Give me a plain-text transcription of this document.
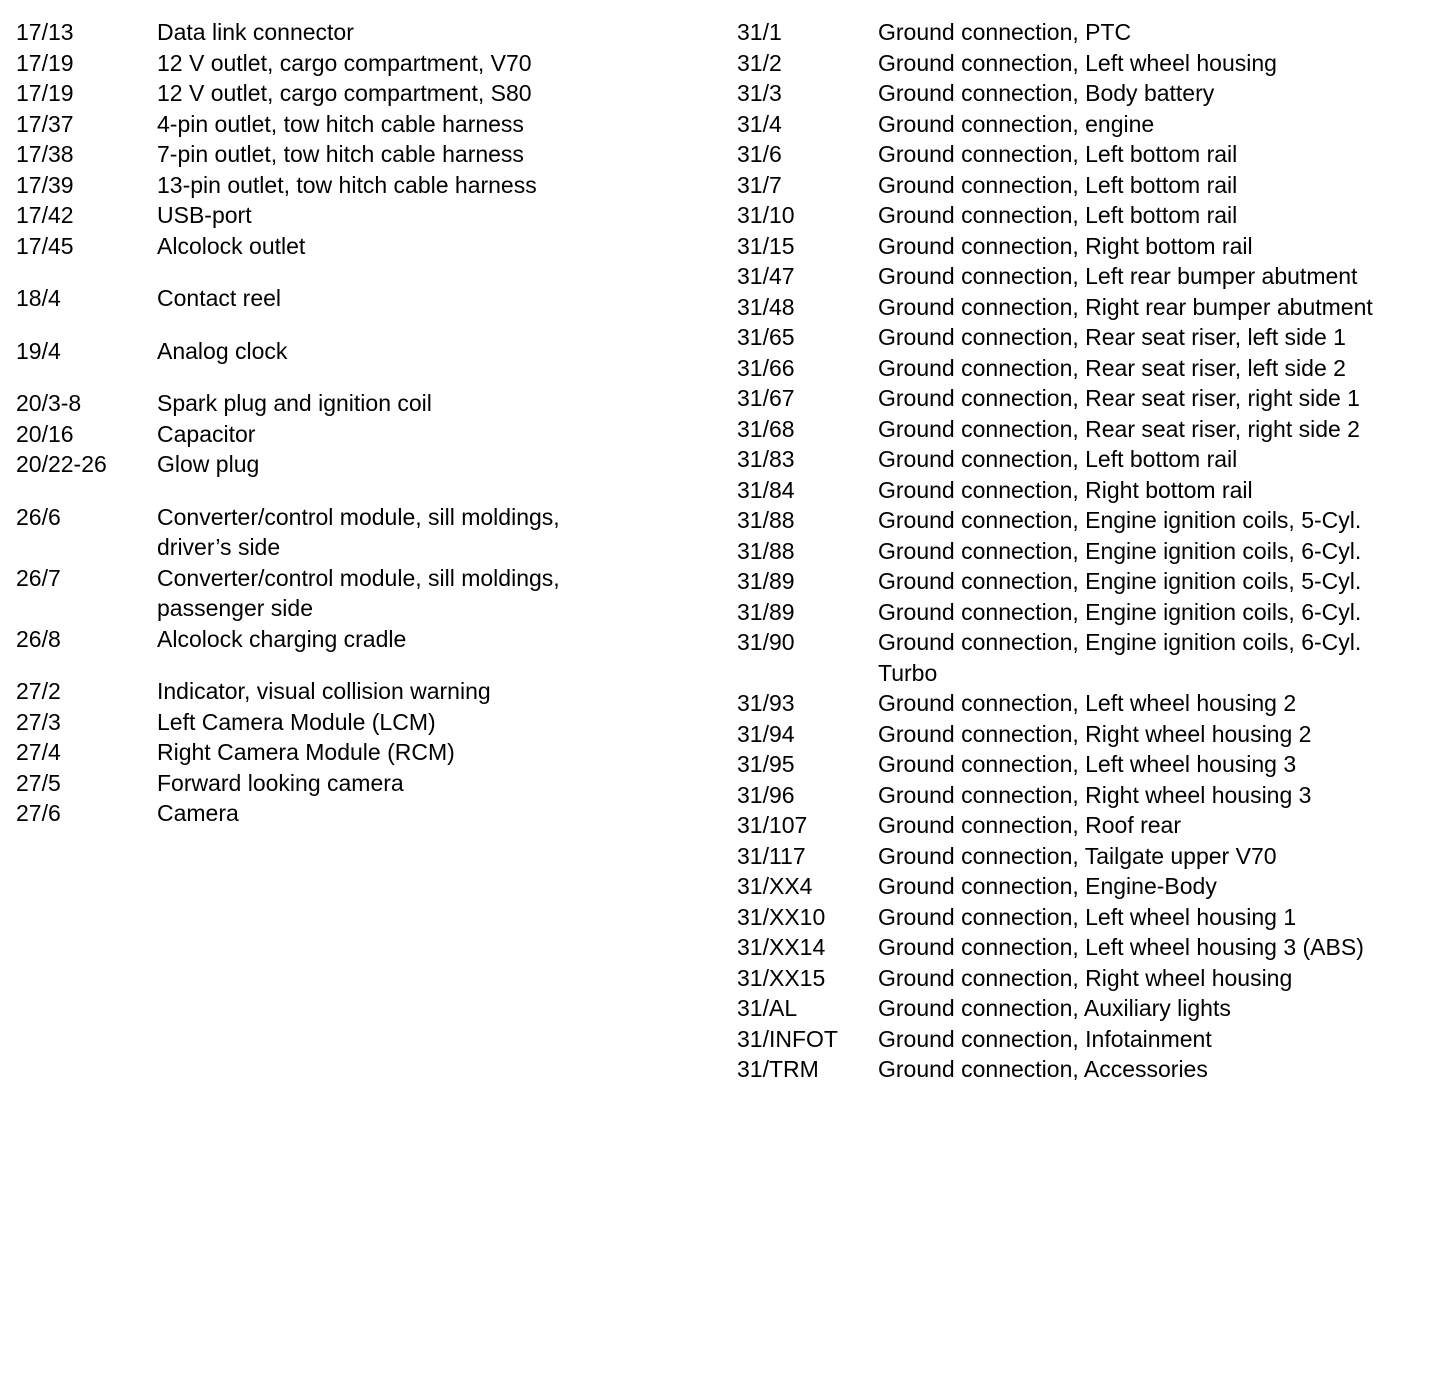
17/13	Data link connector
17/19	12 V outlet, cargo compartment, V70
17/19	12 V outlet, cargo compartment, S80
17/37	4-pin outlet, tow hitch cable harness
17/38	7-pin outlet, tow hitch cable harness
17/39	13-pin outlet, tow hitch cable harness
17/42	USB-port
17/45	Alcolock outlet
18/4	Contact reel
19/4	Analog clock
20/3-8	Spark plug and ignition coil
20/16	Capacitor
20/22-26	Glow plug
26/6	Converter/control module, sill moldings, driver’s side
26/7	Converter/control module, sill moldings, passenger side
26/8	Alcolock charging cradle
27/2	Indicator, visual collision warning
27/3	Left Camera Module (LCM)
27/4	Right Camera Module (RCM)
27/5	Forward looking camera
27/6	Camera
31/1	Ground connection, PTC
31/2	Ground connection, Left wheel housing
31/3	Ground connection, Body battery
31/4	Ground connection, engine
31/6	Ground connection, Left bottom rail
31/7	Ground connection, Left bottom rail
31/10	Ground connection, Left bottom rail
31/15	Ground connection, Right bottom rail
31/47	Ground connection, Left rear bumper abutment
31/48	Ground connection, Right rear bumper abutment
31/65	Ground connection, Rear seat riser, left side 1
31/66	Ground connection, Rear seat riser, left side 2
31/67	Ground connection, Rear seat riser, right side 1
31/68	Ground connection, Rear seat riser, right side 2
31/83	Ground connection, Left bottom rail
31/84	Ground connection, Right bottom rail
31/88	Ground connection, Engine ignition coils, 5-Cyl.
31/88	Ground connection, Engine ignition coils, 6-Cyl.
31/89	Ground connection, Engine ignition coils, 5-Cyl.
31/89	Ground connection, Engine ignition coils, 6-Cyl.
31/90	Ground connection, Engine ignition coils, 6-Cyl. Turbo
31/93	Ground connection, Left wheel housing 2
31/94	Ground connection, Right wheel housing 2
31/95	Ground connection, Left wheel housing 3
31/96	Ground connection, Right wheel housing 3
31/107	Ground connection, Roof rear
31/117	Ground connection, Tailgate upper V70
31/XX4	Ground connection, Engine-Body
31/XX10	Ground connection, Left wheel housing 1
31/XX14	Ground connection, Left wheel housing 3 (ABS)
31/XX15	Ground connection, Right wheel housing
31/AL	Ground connection, Auxiliary lights
31/INFOT	Ground connection, Infotainment
31/TRM	Ground connection, Accessories
